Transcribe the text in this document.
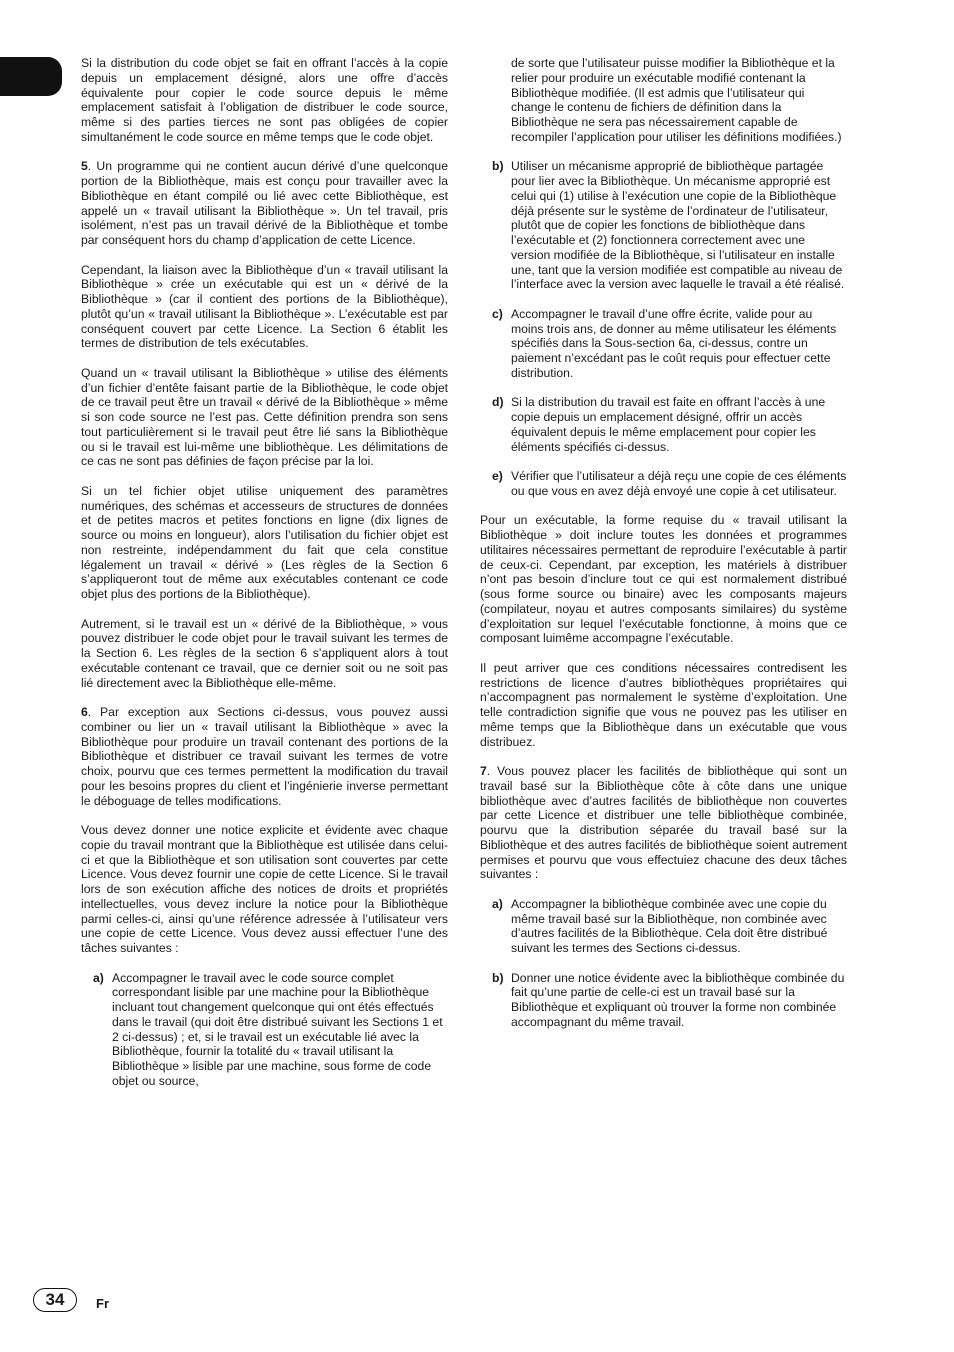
Si la distribution du code objet se fait en offrant l’accès à la copie depuis un emplacement désigné, alors une offre d’accès équivalente pour copier le code source depuis le même emplacement satisfait à l’obligation de distribuer le code source, même si des parties tierces ne sont pas obligées de copier simultanément le code source en même temps que le code objet.

5. Un programme qui ne contient aucun dérivé d’une quelconque portion de la Bibliothèque, mais est conçu pour travailler avec la Bibliothèque en étant compilé ou lié avec cette Bibliothèque, est appelé un « travail utilisant la Bibliothèque ». Un tel travail, pris isolément, n’est pas un travail dérivé de la Bibliothèque et tombe par conséquent hors du champ d’application de cette Licence.

Cependant, la liaison avec la Bibliothèque d’un « travail utilisant la Bibliothèque » crée un exécutable qui est un « dérivé de la Bibliothèque » (car il contient des portions de la Bibliothèque), plutôt qu’un « travail utilisant la Bibliothèque ». L’exécutable est par conséquent couvert par cette Licence. La Section 6 établit les termes de distribution de tels exécutables.

Quand un « travail utilisant la Bibliothèque » utilise des éléments d’un fichier d’entête faisant partie de la Bibliothèque, le code objet de ce travail peut être un travail « dérivé de la Bibliothèque » même si son code source ne l’est pas. Cette définition prendra son sens tout particulièrement si le travail peut être lié sans la Bibliothèque ou si le travail est lui-même une bibliothèque. Les délimitations de ce cas ne sont pas définies de façon précise par la loi.

Si un tel fichier objet utilise uniquement des paramètres numériques, des schémas et accesseurs de structures de données et de petites macros et petites fonctions en ligne (dix lignes de source ou moins en longueur), alors l’utilisation du fichier objet est non restreinte, indépendamment du fait que cela constitue légalement un travail « dérivé » (Les règles de la Section 6 s’appliqueront tout de même aux exécutables contenant ce code objet plus des portions de la Bibliothèque).

Autrement, si le travail est un « dérivé de la Bibliothèque, » vous pouvez distribuer le code objet pour le travail suivant les termes de la Section 6. Les règles de la section 6 s’appliquent alors à tout exécutable contenant ce travail, que ce dernier soit ou ne soit pas lié directement avec la Bibliothèque elle-même.

6. Par exception aux Sections ci-dessus, vous pouvez aussi combiner ou lier un « travail utilisant la Bibliothèque » avec la Bibliothèque pour produire un travail contenant des portions de la Bibliothèque et distribuer ce travail suivant les termes de votre choix, pourvu que ces termes permettent la modification du travail pour les besoins propres du client et l’ingénierie inverse permettant le déboguage de telles modifications.

Vous devez donner une notice explicite et évidente avec chaque copie du travail montrant que la Bibliothèque est utilisée dans celui-ci et que la Bibliothèque et son utilisation sont couvertes par cette Licence. Vous devez fournir une copie de cette Licence. Si le travail lors de son exécution affiche des notices de droits et propriétés intellectuelles, vous devez inclure la notice pour la Bibliothèque parmi celles-ci, ainsi qu’une référence adressée à l’utilisateur vers une copie de cette Licence. Vous devez aussi effectuer l’une des tâches suivantes :

a) Accompagner le travail avec le code source complet correspondant lisible par une machine pour la Bibliothèque incluant tout changement quelconque qui ont étés effectués dans le travail (qui doit être distribué suivant les Sections 1 et 2 ci-dessus) ; et, si le travail est un exécutable lié avec la Bibliothèque, fournir la totalité du « travail utilisant la Bibliothèque » lisible par une machine, sous forme de code objet ou source,
de sorte que l’utilisateur puisse modifier la Bibliothèque et la relier pour produire un exécutable modifié contenant la Bibliothèque modifiée. (Il est admis que l’utilisateur qui change le contenu de fichiers de définition dans la Bibliothèque ne sera pas nécessairement capable de recompiler l’application pour utiliser les définitions modifiées.)
b) Utiliser un mécanisme approprié de bibliothèque partagée pour lier avec la Bibliothèque. Un mécanisme approprié est celui qui (1) utilise à l’exécution une copie de la Bibliothèque déjà présente sur le système de l’ordinateur de l’utilisateur, plutôt que de copier les fonctions de bibliothèque dans l’exécutable et (2) fonctionnera correctement avec une version modifiée de la Bibliothèque, si l’utilisateur en installe une, tant que la version modifiée est compatible au niveau de l’interface avec la version avec laquelle le travail a été réalisé.
c) Accompagner le travail d’une offre écrite, valide pour au moins trois ans, de donner au même utilisateur les éléments spécifiés dans la Sous-section 6a, ci-dessus, contre un paiement n’excédant pas le coût requis pour effectuer cette distribution.
d) Si la distribution du travail est faite en offrant l’accès à une copie depuis un emplacement désigné, offrir un accès équivalent depuis le même emplacement pour copier les éléments spécifiés ci-dessus.
e) Vérifier que l’utilisateur a déjà reçu une copie de ces éléments ou que vous en avez déjà envoyé une copie à cet utilisateur.

Pour un exécutable, la forme requise du « travail utilisant la Bibliothèque » doit inclure toutes les données et programmes utilitaires nécessaires permettant de reproduire l’exécutable à partir de ceux-ci. Cependant, par exception, les matériels à distribuer n’ont pas besoin d’inclure tout ce qui est normalement distribué (sous forme source ou binaire) avec les composants majeurs (compilateur, noyau et autres composants similaires) du système d’exploitation sur lequel l’exécutable fonctionne, à moins que ce composant luimême accompagne l’exécutable.

Il peut arriver que ces conditions nécessaires contredisent les restrictions de licence d’autres bibliothèques propriétaires qui n’accompagnent pas normalement le système d’exploitation. Une telle contradiction signifie que vous ne pouvez pas les utiliser en même temps que la Bibliothèque dans un exécutable que vous distribuez.

7. Vous pouvez placer les facilités de bibliothèque qui sont un travail basé sur la Bibliothèque côte à côte dans une unique bibliothèque avec d’autres facilités de bibliothèque non couvertes par cette Licence et distribuer une telle bibliothèque combinée, pourvu que la distribution séparée du travail basé sur la Bibliothèque et des autres facilités de bibliothèque soient autrement permises et pourvu que vous effectuiez chacune des deux tâches suivantes :

a) Accompagner la bibliothèque combinée avec une copie du même travail basé sur la Bibliothèque, non combinée avec d’autres facilités de la Bibliothèque. Cela doit être distribué suivant les termes des Sections ci-dessus.
b) Donner une notice évidente avec la bibliothèque combinée du fait qu’une partie de celle-ci est un travail basé sur la Bibliothèque et expliquant où trouver la forme non combinée accompagnant du même travail.
34	Fr
